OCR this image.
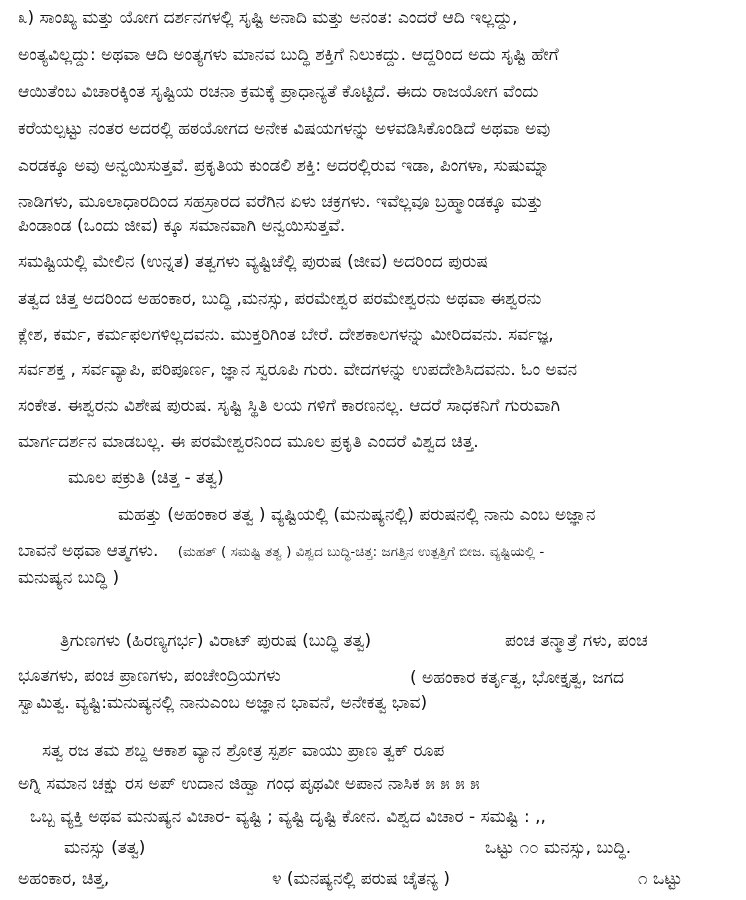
೩) ಸಾಂಖ್ಯ ಮತ್ತು ಯೋಗ ದರ್ಶನಗಳಲ್ಲಿ ಸೃಷ್ಟಿ ಅನಾದಿ ಮತ್ತು ಅನಂತ: ಎಂದರೆ ಆದಿ ಇಲ್ಲದ್ದು,
ಅಂತ್ಯವಿಲ್ಲದ್ದು: ಅಥವಾ ಆದಿ ಅಂತ್ಯಗಳು ಮಾನವ ಬುದ್ಧಿ ಶಕ್ತಿಗೆ ನಿಲುಕದ್ದು. ಆದ್ದರಿಂದ ಅದು ಸೃಷ್ಟಿ ಹೇಗೆ
ಆಯಿತೆಂಬ ವಿಚಾರಕ್ಕಿಂತ ಸೃಷ್ಟಿಯ ರಚನಾ ಕ್ರಮಕ್ಕೆ ಪ್ರಾಧಾನ್ಯತೆ ಕೊಟ್ಟಿದೆ. ಈದು ರಾಜಯೋಗ ವೆಂದು
ಕರೆಯಲ್ಪಟ್ಟು ನಂತರ ಅದರಲ್ಲಿ ಹಠಯೋಗದ ಅನೇಕ ವಿಷಯಗಳನ್ನು ಅಳವಡಿಸಿಕೊಂಡಿದೆ ಅಥವಾ ಅವು
ಎರಡಕ್ಕೂ ಅವು ಅನ್ವಯಿಸುತ್ತವೆ. ಪ್ರಕೃತಿಯ ಕುಂಡಲಿ ಶಕ್ತಿ: ಅದರಲ್ಲಿರುವ ಇಡಾ, ಪಿಂಗಳಾ, ಸುಷುಮ್ನಾ
ನಾಡಿಗಳು, ಮೂಲಾಧಾರದಿಂದ ಸಹಸ್ರಾರದ ವರೆಗಿನ ಏಳು ಚಕ್ರಗಳು. ಇವೆಲ್ಲವೂ ಬ್ರಹ್ಮಾಂಡಕ್ಕೂ ಮತ್ತು
ಪಿಂಡಾಂಡ (ಒಂದು ಜೀವ) ಕ್ಕೂ ಸಮಾನವಾಗಿ ಅನ್ವಯಿಸುತ್ತವೆ.
ಸಮಷ್ಟಿಯಲ್ಲಿ ಮೇಲಿನ (ಉನ್ನತ) ತತ್ವಗಳು ವ್ಯಷ್ಟಿಚೆಲ್ಲಿ ಪುರುಷ (ಜೀವ) ಅದರಿಂದ ಪುರುಷ
ತತ್ವದ ಚಿತ್ತ ಅದರಿಂದ ಅಹಂಕಾರ, ಬುದ್ಧಿ ,ಮನಸ್ಸು, ಪರಮೇಶ್ವರ ಪರಮೇಶ್ವರನು ಅಥವಾ ಈಶ್ವರನು
ಕ್ಲೇಶ, ಕರ್ಮ, ಕರ್ಮಫಲಗಳಿಲ್ಲದವನು. ಮುಕ್ತರಿಗಿಂತ ಬೇರೆ. ದೇಶಕಾಲಗಳನ್ನು ಮೀರಿದವನು. ಸರ್ವಜ್ಞ,
ಸರ್ವಶಕ್ತ , ಸರ್ವವ್ಯಾಪಿ, ಪರಿಪೂರ್ಣ, ಜ್ಞಾನ ಸ್ವರೂಪಿ ಗುರು. ವೇದಗಳನ್ನು ಉಪದೇಶಿಸಿದವನು. ಓಂ ಅವನ
ಸಂಕೇತ. ಈಶ್ವರನು ವಿಶೇಷ ಪುರುಷ. ಸೃಷ್ಟಿ ಸ್ಥಿತಿ ಲಯ ಗಳಿಗೆ ಕಾರಣನಲ್ಲ. ಆದರೆ ಸಾಧಕನಿಗೆ ಗುರುವಾಗಿ
ಮಾರ್ಗದರ್ಶನ ಮಾಡಬಲ್ಲ. ಈ ಪರಮೇಶ್ವರನಿಂದ ಮೂಲ ಪ್ರಕೃತಿ ಎಂದರೆ ವಿಶ್ವದ ಚಿತ್ತ.
ಮೂಲ ಪಕ್ರುತಿ (ಚಿತ್ತ - ತತ್ವ)
ಮಹತ್ತು (ಅಹಂಕಾರ ತತ್ವ ) ವ್ಯಷ್ಟಿಯಲ್ಲಿ (ಮನುಷ್ಯನಲ್ಲಿ) ಪರುಷನಲ್ಲಿ ನಾನು ಎಂಬ ಅಜ್ಞಾನ
ಬಾವನೆ ಅಥವಾ ಆತ್ಮಗಳು. (ಮಹತ್ ( ಸಮಷ್ಟಿ ತತ್ವ ) ವಿಶ್ವದ ಬುದ್ಧಿ-ಚಿತ್ತ: ಜಗತ್ತಿನ ಉತ್ಪತ್ತಿಗೆ ಬೀಜ. ವ್ಯಷ್ಟಿಯಲ್ಲಿ -
ಮನುಷ್ಯನ ಬುದ್ಧಿ )
ತ್ರಿಗುಣಗಳು (ಹಿರಣ್ಯಗರ್ಭ) ವಿರಾಟ್ ಪುರುಷ (ಬುದ್ಧಿ ತತ್ವ)	ಪಂಚ ತನ್ಮಾತ್ರೆ ಗಳು, ಪಂಚ
ಭೂತಗಳು, ಪಂಚ ಪ್ರಾಣಗಳು, ಪಂಚೇಂದ್ರಿಯಗಳು	( ಅಹಂಕಾರ ಕರ್ತೃತ್ವ, ಭೋಕ್ತೃತ್ವ, ಜಗದ
ಸ್ವಾಮಿತ್ವ. ವ್ಯಷ್ಟಿ:ಮನುಷ್ಯನಲ್ಲಿ ನಾನುಎಂಬ ಅಜ್ಞಾನ ಭಾವನೆ, ಅನೇಕತ್ವ ಭಾವ)
ಸತ್ವ ರಜ ತಮ ಶಬ್ದ ಆಕಾಶ ವ್ಯಾನ ಶ್ರೋತ್ರ ಸ್ಪರ್ಶ ವಾಯು ಪ್ರಾಣ ತ್ವಕ್ ರೂಪ
ಅಗ್ನಿ ಸಮಾನ ಚಕ್ಷು ರಸ ಅಪ್ ಉದಾನ ಜಿಹ್ವಾ ಗಂಧ ಪೃಥವೀ ಅಪಾನ ನಾಸಿಕ ೫ ೫ ೫ ೫
ಒಬ್ಬ ವ್ಯಕ್ತಿ ಅಥವ ಮನುಷ್ಯನ ವಿಚಾರ- ವ್ಯಷ್ಟಿ ; ವ್ಯಷ್ಟಿ ದೃಷ್ಟಿ ಕೋನ. ವಿಶ್ವದ ವಿಚಾರ - ಸಮಷ್ಟಿ : ,,
ಮನಸ್ಸು (ತತ್ವ)	ಒಟ್ಟು ೧೦ ಮನಸ್ಸು, ಬುದ್ಧಿ.
ಅಹಂಕಾರ, ಚಿತ್ತ,	೪ (ಮನಷ್ಯನಲ್ಲಿ ಪರುಷ ಚೈತನ್ಯ )	೧ ಒಟ್ಟು
